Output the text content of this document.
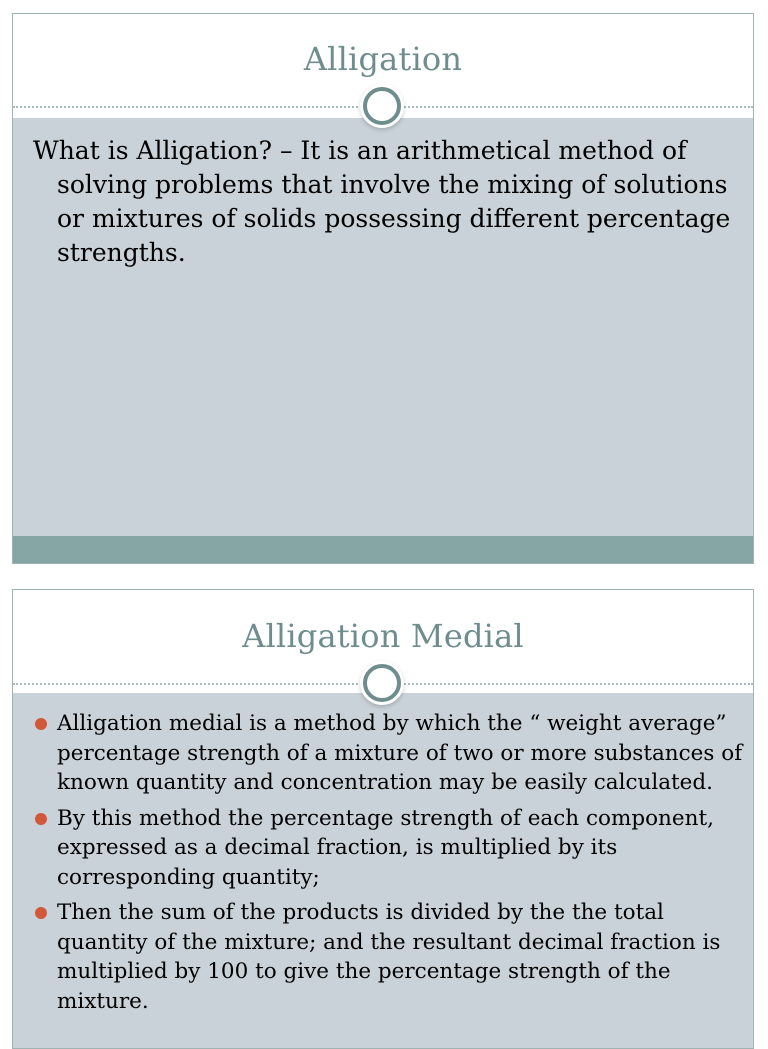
Alligation

What is Alligation? – It is an arithmetical method of solving problems that involve the mixing of solutions or mixtures of solids possessing different percentage strengths.

Alligation Medial
Alligation medial is a method by which the “ weight average” percentage strength of a mixture of two or more substances of known quantity and concentration may be easily calculated.
By this method the percentage strength of each component, expressed as a decimal fraction, is multiplied by its corresponding quantity;
Then the sum of the products is divided by the the total quantity of the mixture; and the resultant decimal fraction is multiplied by 100 to give the percentage strength of the mixture.
